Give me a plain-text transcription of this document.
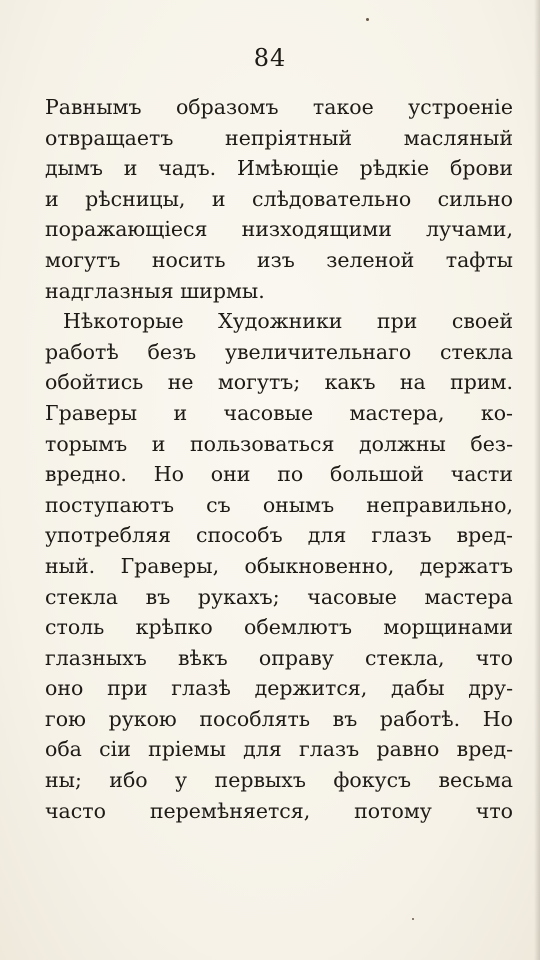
84
Равнымъ образомъ такое устроеніе
отвращаетъ непріятный масляный
дымъ и чадъ. Имѣющіе рѣдкіе брови
и рѣсницы, и слѣдовательно сильно
поражающіеся низходящими лучами,
могутъ носить изъ зеленой тафты
надглазныя ширмы.
Нѣкоторые Художники при своей
работѣ безъ увеличительнаго стекла
обойтись не могутъ; какъ на прим.
Граверы и часовые мастера, ко-
торымъ и пользоваться должны без-
вредно. Но они по большой части
поступаютъ съ онымъ неправильно,
употребляя способъ для глазъ вред-
ный. Граверы, обыкновенно, держатъ
стекла въ рукахъ; часовые мастера
столь крѣпко обемлютъ морщинами
глазныхъ вѣкъ оправу стекла, что
оно при глазѣ держится, дабы дру-
гою рукою пособлять въ работѣ. Но
оба сіи пріемы для глазъ равно вред-
ны; ибо у первыхъ фокусъ весьма
часто перемѣняется, потому что
